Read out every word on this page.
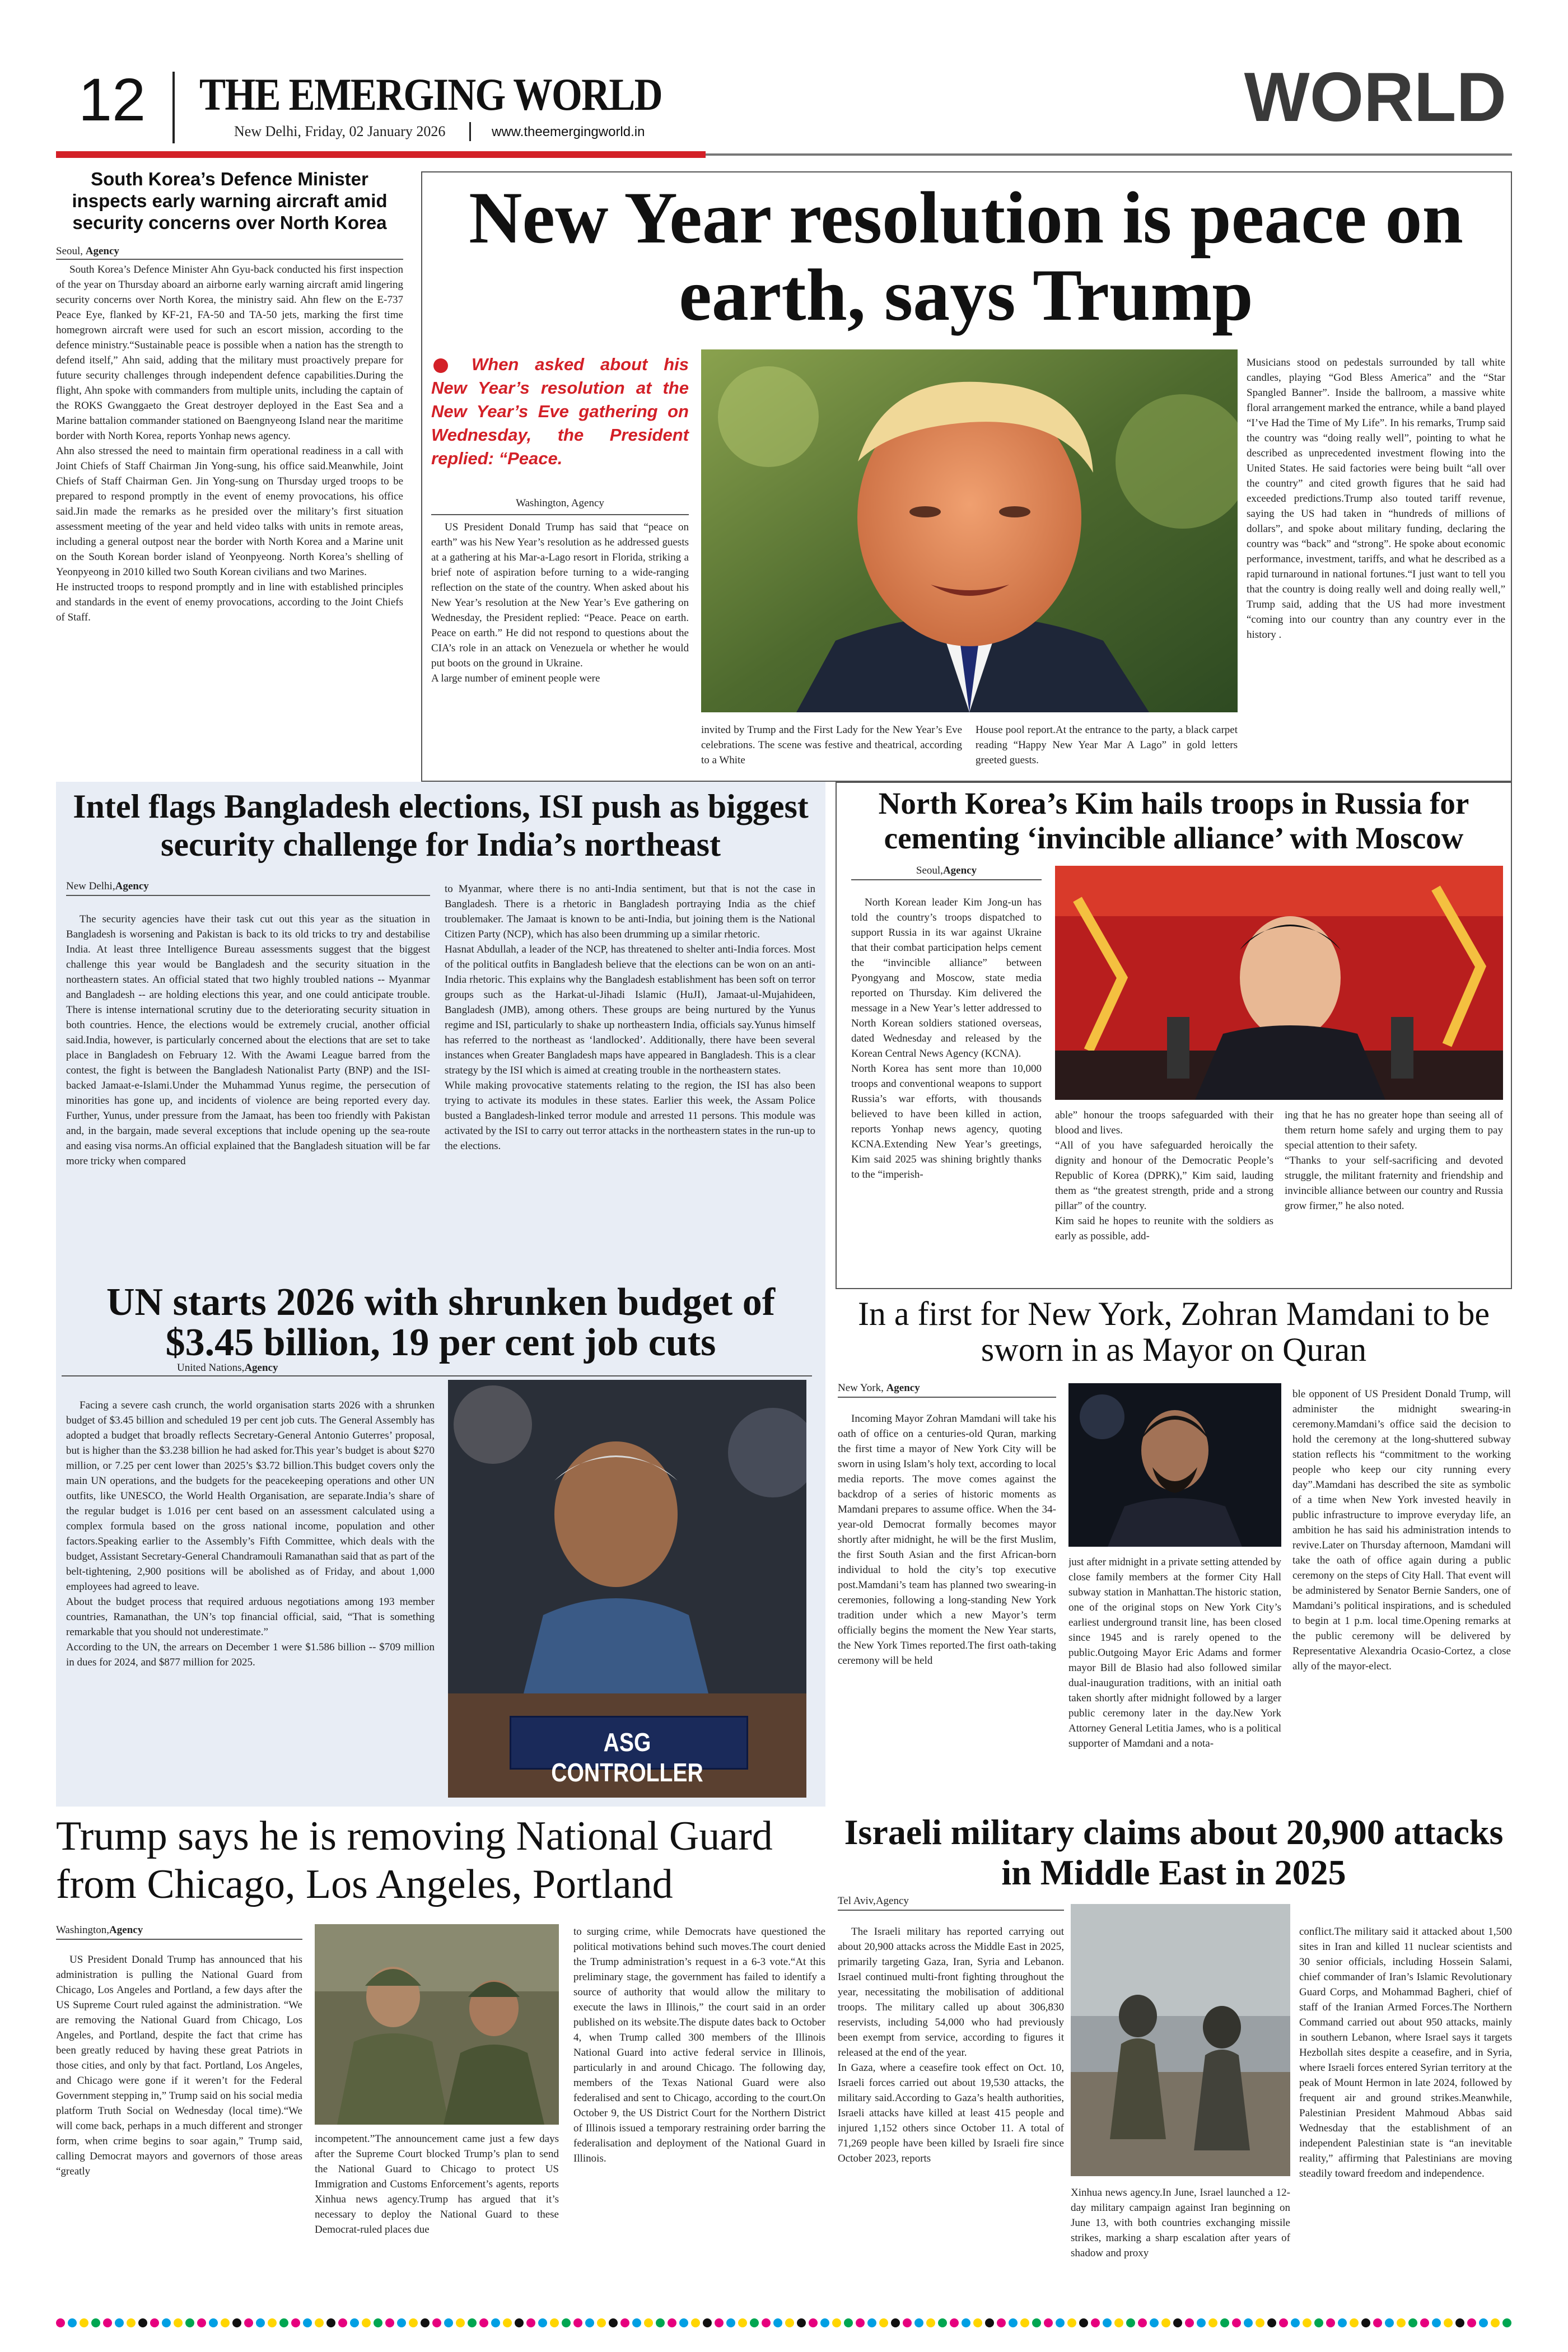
12 THE EMERGING WORLD
New Delhi, Friday, 02 January 2026	www.theemergingworld.in	WORLD
South Korea’s Defence Minister inspects early warning aircraft amid security concerns over North Korea
Seoul, Agency
South Korea’s Defence Minister Ahn Gyu-back conducted his first inspection of the year on Thursday aboard an airborne early warning aircraft amid lingering security concerns over North Korea, the ministry said. Ahn flew on the E-737 Peace Eye, flanked by KF-21, FA-50 and TA-50 jets, marking the first time homegrown aircraft were used for such an escort mission, according to the defence ministry.“Sustainable peace is possible when a nation has the strength to defend itself,” Ahn said, adding that the military must proactively prepare for future security challenges through independent defence capabilities.During the flight, Ahn spoke with commanders from multiple units, including the captain of the ROKS Gwanggaeto the Great destroyer deployed in the East Sea and a Marine battalion commander stationed on Baengnyeong Island near the maritime border with North Korea, reports Yonhap news agency.
Ahn also stressed the need to maintain firm operational readiness in a call with Joint Chiefs of Staff Chairman Jin Yong-sung, his office said.Meanwhile, Joint Chiefs of Staff Chairman Gen. Jin Yong-sung on Thursday urged troops to be prepared to respond promptly in the event of enemy provocations, his office said.Jin made the remarks as he presided over the military’s first situation assessment meeting of the year and held video talks with units in remote areas, including a general outpost near the border with North Korea and a Marine unit on the South Korean border island of Yeonpyeong. North Korea’s shelling of Yeonpyeong in 2010 killed two South Korean civilians and two Marines.
He instructed troops to respond promptly and in line with established principles and standards in the event of enemy provocations, according to the Joint Chiefs of Staff.
New Year resolution is peace on earth, says Trump
When asked about his New Year’s resolution at the New Year’s Eve gathering on Wednesday, the President replied: “Peace.
Washington, Agency
US President Donald Trump has said that “peace on earth” was his New Year’s resolution as he addressed guests at a gathering at his Mar-a-Lago resort in Florida, striking a brief note of aspiration before turning to a wide-ranging reflection on the state of the country. When asked about his New Year’s resolution at the New Year’s Eve gathering on Wednesday, the President replied: “Peace. Peace on earth. Peace on earth.” He did not respond to questions about the CIA’s role in an attack on Venezuela or whether he would put boots on the ground in Ukraine.
A large number of eminent people were
invited by Trump and the First Lady for the New Year’s Eve celebrations. The scene was festive and theatrical, according to a White
House pool report.At the entrance to the party, a black carpet reading “Happy New Year Mar A Lago” in gold letters greeted guests.
Musicians stood on pedestals surrounded by tall white candles, playing “God Bless America” and the “Star Spangled Banner”. Inside the ballroom, a massive white floral arrangement marked the entrance, while a band played “I’ve Had the Time of My Life”. In his remarks, Trump said the country was “doing really well”, pointing to what he described as unprecedented investment flowing into the United States. He said factories were being built “all over the country” and cited growth figures that he said had exceeded predictions.Trump also touted tariff revenue, saying the US had taken in “hundreds of millions of dollars”, and spoke about military funding, declaring the country was “back” and “strong”. He spoke about economic performance, investment, tariffs, and what he described as a rapid turnaround in national fortunes.“I just want to tell you that the country is doing really well and doing really well,” Trump said, adding that the US had more investment “coming into our country than any country ever in the history .
Intel flags Bangladesh elections, ISI push as biggest security challenge for India’s northeast
New Delhi,Agency
The security agencies have their task cut out this year as the situation in Bangladesh is worsening and Pakistan is back to its old tricks to try and destabilise India. At least three Intelligence Bureau assessments suggest that the biggest challenge this year would be Bangladesh and the security situation in the northeastern states. An official stated that two highly troubled nations -- Myanmar and Bangladesh -- are holding elections this year, and one could anticipate trouble. There is intense international scrutiny due to the deteriorating security situation in both countries. Hence, the elections would be extremely crucial, another official said.India, however, is particularly concerned about the elections that are set to take place in Bangladesh on February 12. With the Awami League barred from the contest, the fight is between the Bangladesh Nationalist Party (BNP) and the ISI-backed Jamaat-e-Islami.Under the Muhammad Yunus regime, the persecution of minorities has gone up, and incidents of violence are being reported every day. Further, Yunus, under pressure from the Jamaat, has been too friendly with Pakistan and, in the bargain, made several exceptions that include opening up the sea-route and easing visa norms.An official explained that the Bangladesh situation will be far more tricky when compared
to Myanmar, where there is no anti-India sentiment, but that is not the case in Bangladesh. There is a rhetoric in Bangladesh portraying India as the chief troublemaker. The Jamaat is known to be anti-India, but joining them is the National Citizen Party (NCP), which has also been drumming up a similar rhetoric.
Hasnat Abdullah, a leader of the NCP, has threatened to shelter anti-India forces. Most of the political outfits in Bangladesh believe that the elections can be won on an anti-India rhetoric. This explains why the Bangladesh establishment has been soft on terror groups such as the Harkat-ul-Jihadi Islamic (HuJI), Jamaat-ul-Mujahideen, Bangladesh (JMB), among others. These groups are being nurtured by the Yunus regime and ISI, particularly to shake up northeastern India, officials say.Yunus himself has referred to the northeast as ‘landlocked’. Additionally, there have been several instances when Greater Bangladesh maps have appeared in Bangladesh. This is a clear strategy by the ISI which is aimed at creating trouble in the northeastern states.
While making provocative statements relating to the region, the ISI has also been trying to activate its modules in these states. Earlier this week, the Assam Police busted a Bangladesh-linked terror module and arrested 11 persons. This module was activated by the ISI to carry out terror attacks in the northeastern states in the run-up to the elections.
North Korea’s Kim hails troops in Russia for cementing ‘invincible alliance’ with Moscow
Seoul,Agency
North Korean leader Kim Jong-un has told the country’s troops dispatched to support Russia in its war against Ukraine that their combat participation helps cement the “invincible alliance” between Pyongyang and Moscow, state media reported on Thursday. Kim delivered the message in a New Year’s letter addressed to North Korean soldiers stationed overseas, dated Wednesday and released by the Korean Central News Agency (KCNA).
North Korea has sent more than 10,000 troops and conventional weapons to support Russia’s war efforts, with thousands believed to have been killed in action, reports Yonhap news agency, quoting KCNA.Extending New Year’s greetings, Kim said 2025 was shining brightly thanks to the “imperish-
able” honour the troops safeguarded with their blood and lives.
“All of you have safeguarded heroically the dignity and honour of the Democratic People’s Republic of Korea (DPRK),” Kim said, lauding them as “the greatest strength, pride and a strong pillar” of the country.
Kim said he hopes to reunite with the soldiers as early as possible, add-
ing that he has no greater hope than seeing all of them return home safely and urging them to pay special attention to their safety.
“Thanks to your self-sacrificing and devoted struggle, the militant fraternity and friendship and invincible alliance between our country and Russia grow firmer,” he also noted.
UN starts 2026 with shrunken budget of $3.45 billion, 19 per cent job cuts
United Nations,Agency
Facing a severe cash crunch, the world organisation starts 2026 with a shrunken budget of $3.45 billion and scheduled 19 per cent job cuts. The General Assembly has adopted a budget that broadly reflects Secretary-General Antonio Guterres’ proposal, but is higher than the $3.238 billion he had asked for.This year’s budget is about $270 million, or 7.25 per cent lower than 2025’s $3.72 billion.This budget covers only the main UN operations, and the budgets for the peacekeeping operations and other UN outfits, like UNESCO, the World Health Organisation, are separate.India’s share of the regular budget is 1.016 per cent based on an assessment calculated using a complex formula based on the gross national income, population and other factors.Speaking earlier to the Assembly’s Fifth Committee, which deals with the budget, Assistant Secretary-General Chandramouli Ramanathan said that as part of the belt-tightening, 2,900 positions will be abolished as of Friday, and about 1,000 employees had agreed to leave.
About the budget process that required arduous negotiations among 193 member countries, Ramanathan, the UN’s top financial official, said, “That is something remarkable that you should not underestimate.”
According to the UN, the arrears on December 1 were $1.586 billion -- $709 million in dues for 2024, and $877 million for 2025.
ASG CONTROLLER
In a first for New York, Zohran Mamdani to be sworn in as Mayor on Quran
New York, Agency
Incoming Mayor Zohran Mamdani will take his oath of office on a centuries-old Quran, marking the first time a mayor of New York City will be sworn in using Islam’s holy text, according to local media reports. The move comes against the backdrop of a series of historic moments as Mamdani prepares to assume office. When the 34-year-old Democrat formally becomes mayor shortly after midnight, he will be the first Muslim, the first South Asian and the first African-born individual to hold the city’s top executive post.Mamdani’s team has planned two swearing-in ceremonies, following a long-standing New York tradition under which a new Mayor’s term officially begins the moment the New Year starts, the New York Times reported.The first oath-taking ceremony will be held
just after midnight in a private setting attended by close family members at the former City Hall subway station in Manhattan.The historic station, one of the original stops on New York City’s earliest underground transit line, has been closed since 1945 and is rarely opened to the public.Outgoing Mayor Eric Adams and former mayor Bill de Blasio had also followed similar dual-inauguration traditions, with an initial oath taken shortly after midnight followed by a larger public ceremony later in the day.New York Attorney General Letitia James, who is a political supporter of Mamdani and a nota-
ble opponent of US President Donald Trump, will administer the midnight swearing-in ceremony.Mamdani’s office said the decision to hold the ceremony at the long-shuttered subway station reflects his “commitment to the working people who keep our city running every day”.Mamdani has described the site as symbolic of a time when New York invested heavily in public infrastructure to improve everyday life, an ambition he has said his administration intends to revive.Later on Thursday afternoon, Mamdani will take the oath of office again during a public ceremony on the steps of City Hall. That event will be administered by Senator Bernie Sanders, one of Mamdani’s political inspirations, and is scheduled to begin at 1 p.m. local time.Opening remarks at the public ceremony will be delivered by Representative Alexandria Ocasio-Cortez, a close ally of the mayor-elect.
Trump says he is removing National Guard from Chicago, Los Angeles, Portland
Washington,Agency
US President Donald Trump has announced that his administration is pulling the National Guard from Chicago, Los Angeles and Portland, a few days after the US Supreme Court ruled against the administration. “We are removing the National Guard from Chicago, Los Angeles, and Portland, despite the fact that crime has been greatly reduced by having these great Patriots in those cities, and only by that fact. Portland, Los Angeles, and Chicago were gone if it weren’t for the Federal Government stepping in,” Trump said on his social media platform Truth Social on Wednesday (local time).“We will come back, perhaps in a much different and stronger form, when crime begins to soar again,” Trump said, calling Democrat mayors and governors of those areas “greatly
incompetent.”The announcement came just a few days after the Supreme Court blocked Trump’s plan to send the National Guard to Chicago to protect US Immigration and Customs Enforcement’s agents, reports Xinhua news agency.Trump has argued that it’s necessary to deploy the National Guard to these Democrat-ruled places due
to surging crime, while Democrats have questioned the political motivations behind such moves.The court denied the Trump administration’s request in a 6-3 vote.“At this preliminary stage, the government has failed to identify a source of authority that would allow the military to execute the laws in Illinois,” the court said in an order published on its website.The dispute dates back to October 4, when Trump called 300 members of the Illinois National Guard into active federal service in Illinois, particularly in and around Chicago. The following day, members of the Texas National Guard were also federalised and sent to Chicago, according to the court.On October 9, the US District Court for the Northern District of Illinois issued a temporary restraining order barring the federalisation and deployment of the National Guard in Illinois.
Israeli military claims about 20,900 attacks in Middle East in 2025
Tel Aviv,Agency
The Israeli military has reported carrying out about 20,900 attacks across the Middle East in 2025, primarily targeting Gaza, Iran, Syria and Lebanon. Israel continued multi-front fighting throughout the year, necessitating the mobilisation of additional troops. The military called up about 306,830 reservists, including 54,000 who had previously been exempt from service, according to figures it released at the end of the year.
In Gaza, where a ceasefire took effect on Oct. 10, Israeli forces carried out about 19,530 attacks, the military said.According to Gaza’s health authorities, Israeli attacks have killed at least 415 people and injured 1,152 others since October 11. A total of 71,269 people have been killed by Israeli fire since October 2023, reports
Xinhua news agency.In June, Israel launched a 12-day military campaign against Iran beginning on June 13, with both countries exchanging missile strikes, marking a sharp escalation after years of shadow and proxy
conflict.The military said it attacked about 1,500 sites in Iran and killed 11 nuclear scientists and 30 senior officials, including Hossein Salami, chief commander of Iran’s Islamic Revolutionary Guard Corps, and Mohammad Bagheri, chief of staff of the Iranian Armed Forces.The Northern Command carried out about 950 attacks, mainly in southern Lebanon, where Israel says it targets Hezbollah sites despite a ceasefire, and in Syria, where Israeli forces entered Syrian territory at the peak of Mount Hermon in late 2024, followed by frequent air and ground strikes.Meanwhile, Palestinian President Mahmoud Abbas said Wednesday that the establishment of an independent Palestinian state is “an inevitable reality,” affirming that Palestinians are moving steadily toward freedom and independence.
